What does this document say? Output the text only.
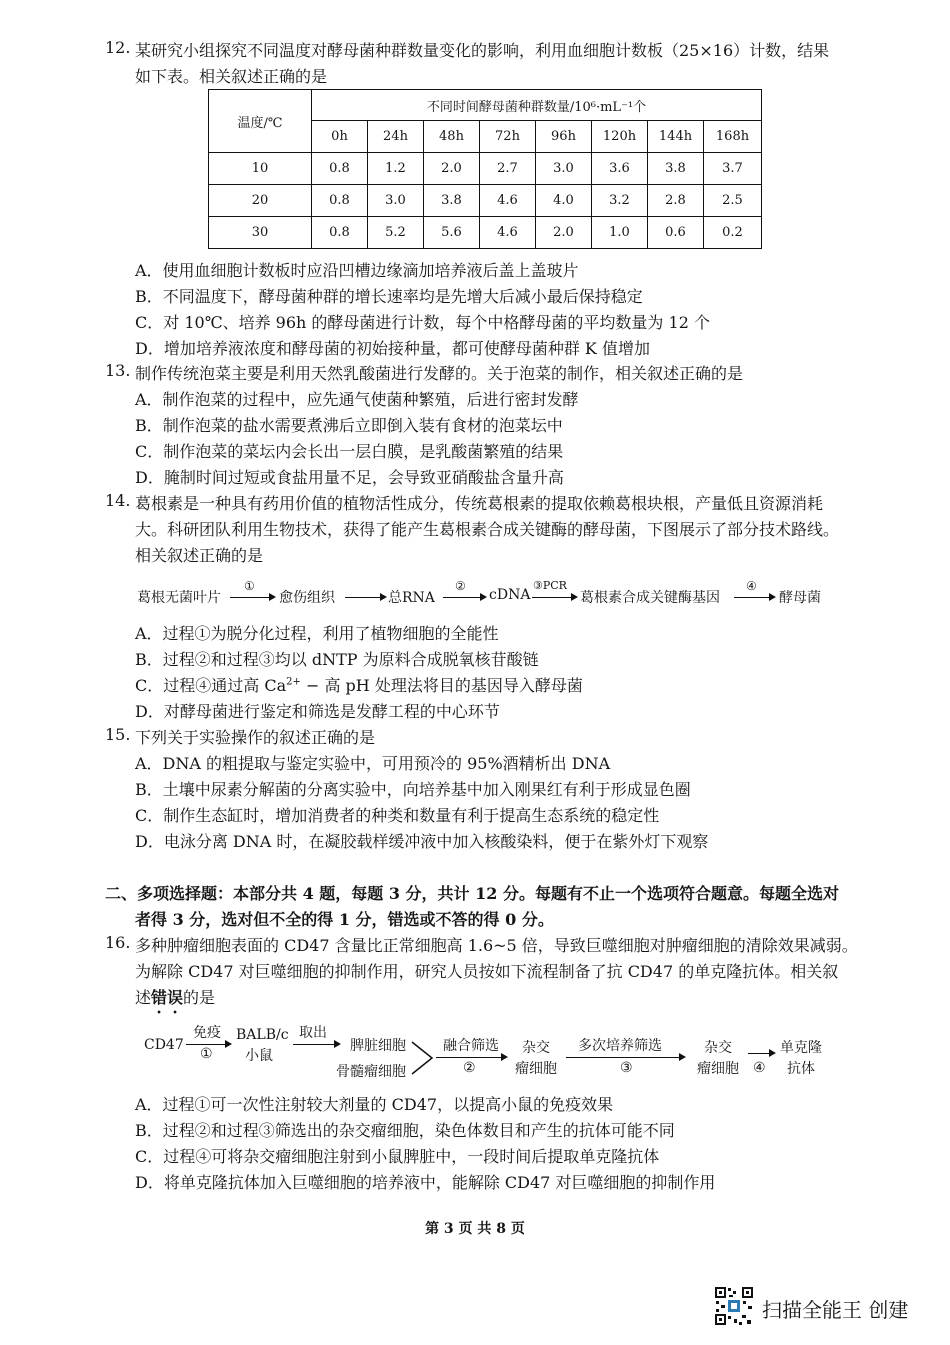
12. 某研究小组探究不同温度对酵母菌种群数量变化的影响，利用血细胞计数板（25×16）计数，结果
如下表。相关叙述正确的是
温度/℃	不同时间酵母菌种群数量/10⁶·mL⁻¹个							
	0h	24h	48h	72h	96h	120h	144h	168h
10	0.8	1.2	2.0	2.7	3.0	3.6	3.8	3.7
20	0.8	3.0	3.8	4.6	4.0	3.2	2.8	2.5
30	0.8	5.2	5.6	4.6	2.0	1.0	0.6	0.2
A．使用血细胞计数板时应沿凹槽边缘滴加培养液后盖上盖玻片
B．不同温度下，酵母菌种群的增长速率均是先增大后减小最后保持稳定
C．对 10℃、培养 96h 的酵母菌进行计数，每个中格酵母菌的平均数量为 12 个
D．增加培养液浓度和酵母菌的初始接种量，都可使酵母菌种群 K 值增加
13. 制作传统泡菜主要是利用天然乳酸菌进行发酵的。关于泡菜的制作，相关叙述正确的是
A．制作泡菜的过程中，应先通气使菌种繁殖，后进行密封发酵
B．制作泡菜的盐水需要煮沸后立即倒入装有食材的泡菜坛中
C．制作泡菜的菜坛内会长出一层白膜，是乳酸菌繁殖的结果
D．腌制时间过短或食盐用量不足，会导致亚硝酸盐含量升高
14. 葛根素是一种具有药用价值的植物活性成分，传统葛根素的提取依赖葛根块根，产量低且资源消耗
大。科研团队利用生物技术，获得了能产生葛根素合成关键酶的酵母菌，下图展示了部分技术路线。
相关叙述正确的是
葛根无菌叶片
①
愈伤组织	总RNA
②
cDNA
③PCR
葛根素合成关键酶基因
④
酵母菌
A．过程①为脱分化过程，利用了植物细胞的全能性
B．过程②和过程③均以 dNTP 为原料合成脱氧核苷酸链
C．过程④通过高 $Ca^{2+}$ − 高 pH 处理法将目的基因导入酵母菌
D．对酵母菌进行鉴定和筛选是发酵工程的中心环节
15. 下列关于实验操作的叙述正确的是
A．DNA 的粗提取与鉴定实验中，可用预冷的 95%酒精析出 DNA
B．土壤中尿素分解菌的分离实验中，向培养基中加入刚果红有利于形成显色圈
C．制作生态缸时，增加消费者的种类和数量有利于提高生态系统的稳定性
D．电泳分离 DNA 时，在凝胶载样缓冲液中加入核酸染料，便于在紫外灯下观察
二、多项选择题：本部分共 4 题，每题 3 分，共计 12 分。每题有不止一个选项符合题意。每题全选对
者得 3 分，选对但不全的得 1 分，错选或不答的得 0 分。
16. 多种肿瘤细胞表面的 CD47 含量比正常细胞高 1.6~5 倍，导致巨噬细胞对肿瘤细胞的清除效果减弱。
为解除 CD47 对巨噬细胞的抑制作用，研究人员按如下流程制备了抗 CD47 的单克隆抗体。相关叙
述错误的是
CD47
免疫
①
BALB/c
小鼠
取出
脾脏细胞
骨髓瘤细胞
融合筛选
②
杂交
瘤细胞
多次培养筛选
③
杂交
瘤细胞 ④
单克隆
抗体
A．过程①可一次性注射较大剂量的 CD47，以提高小鼠的免疫效果
B．过程②和过程③筛选出的杂交瘤细胞，染色体数目和产生的抗体可能不同
C．过程④可将杂交瘤细胞注射到小鼠脾脏中，一段时间后提取单克隆抗体
D．将单克隆抗体加入巨噬细胞的培养液中，能解除 CD47 对巨噬细胞的抑制作用
第 3 页 共 8 页
扫描全能王 创建
